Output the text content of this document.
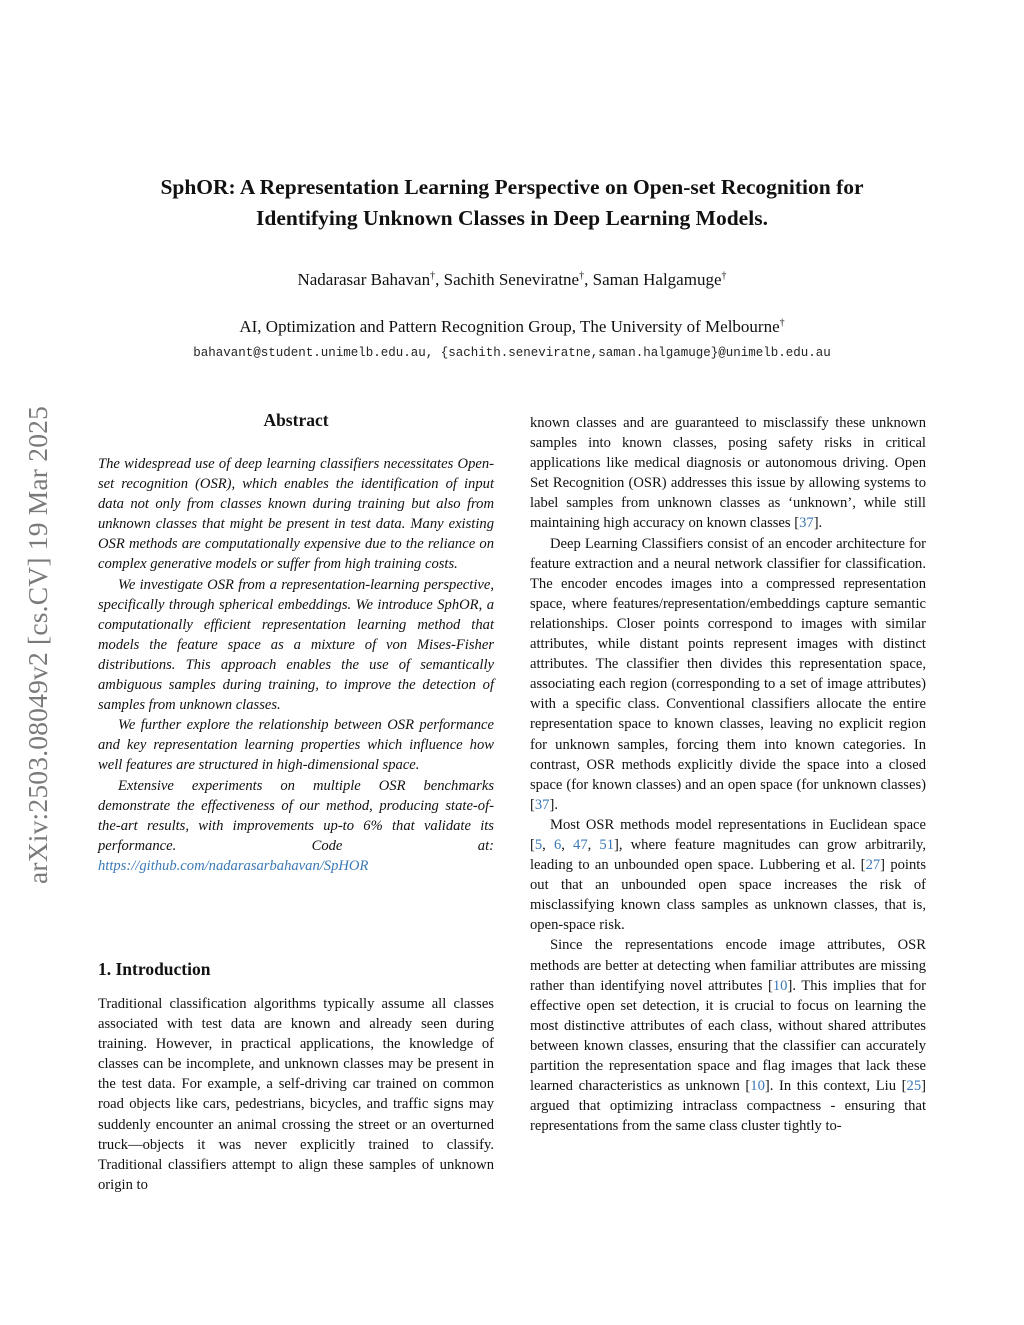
arXiv:2503.08049v2 [cs.CV] 19 Mar 2025
SphOR: A Representation Learning Perspective on Open-set Recognition for
Identifying Unknown Classes in Deep Learning Models.
Nadarasar Bahavan†, Sachith Seneviratne†, Saman Halgamuge†
AI, Optimization and Pattern Recognition Group, The University of Melbourne†
bahavant@student.unimelb.edu.au, {sachith.seneviratne,saman.halgamuge}@unimelb.edu.au
Abstract

The widespread use of deep learning classifiers necessitates Open-set recognition (OSR), which enables the identification of input data not only from classes known during training but also from unknown classes that might be present in test data. Many existing OSR methods are computationally expensive due to the reliance on complex generative models or suffer from high training costs.

We investigate OSR from a representation-learning perspective, specifically through spherical embeddings. We introduce SphOR, a computationally efficient representation learning method that models the feature space as a mixture of von Mises-Fisher distributions. This approach enables the use of semantically ambiguous samples during training, to improve the detection of samples from unknown classes.

We further explore the relationship between OSR performance and key representation learning properties which influence how well features are structured in high-dimensional space.

Extensive experiments on multiple OSR benchmarks demonstrate the effectiveness of our method, producing state-of-the-art results, with improvements up-to 6% that validate its performance. Code at: https://github.com/nadarasarbahavan/SpHOR

1. Introduction

Traditional classification algorithms typically assume all classes associated with test data are known and already seen during training. However, in practical applications, the knowledge of classes can be incomplete, and unknown classes may be present in the test data. For example, a self-driving car trained on common road objects like cars, pedestrians, bicycles, and traffic signs may suddenly encounter an animal crossing the street or an overturned truck—objects it was never explicitly trained to classify. Traditional classifiers attempt to align these samples of unknown origin to

known classes and are guaranteed to misclassify these unknown samples into known classes, posing safety risks in critical applications like medical diagnosis or autonomous driving. Open Set Recognition (OSR) addresses this issue by allowing systems to label samples from unknown classes as ‘unknown’, while still maintaining high accuracy on known classes [37].

Deep Learning Classifiers consist of an encoder architecture for feature extraction and a neural network classifier for classification. The encoder encodes images into a compressed representation space, where features/representation/embeddings capture semantic relationships. Closer points correspond to images with similar attributes, while distant points represent images with distinct attributes. The classifier then divides this representation space, associating each region (corresponding to a set of image attributes) with a specific class. Conventional classifiers allocate the entire representation space to known classes, leaving no explicit region for unknown samples, forcing them into known categories. In contrast, OSR methods explicitly divide the space into a closed space (for known classes) and an open space (for unknown classes) [37].

Most OSR methods model representations in Euclidean space [5, 6, 47, 51], where feature magnitudes can grow arbitrarily, leading to an unbounded open space. Lubbering et al. [27] points out that an unbounded open space increases the risk of misclassifying known class samples as unknown classes, that is, open-space risk.

Since the representations encode image attributes, OSR methods are better at detecting when familiar attributes are missing rather than identifying novel attributes [10]. This implies that for effective open set detection, it is crucial to focus on learning the most distinctive attributes of each class, without shared attributes between known classes, ensuring that the classifier can accurately partition the representation space and flag images that lack these learned characteristics as unknown [10]. In this context, Liu [25] argued that optimizing intraclass compactness - ensuring that representations from the same class cluster tightly to-
